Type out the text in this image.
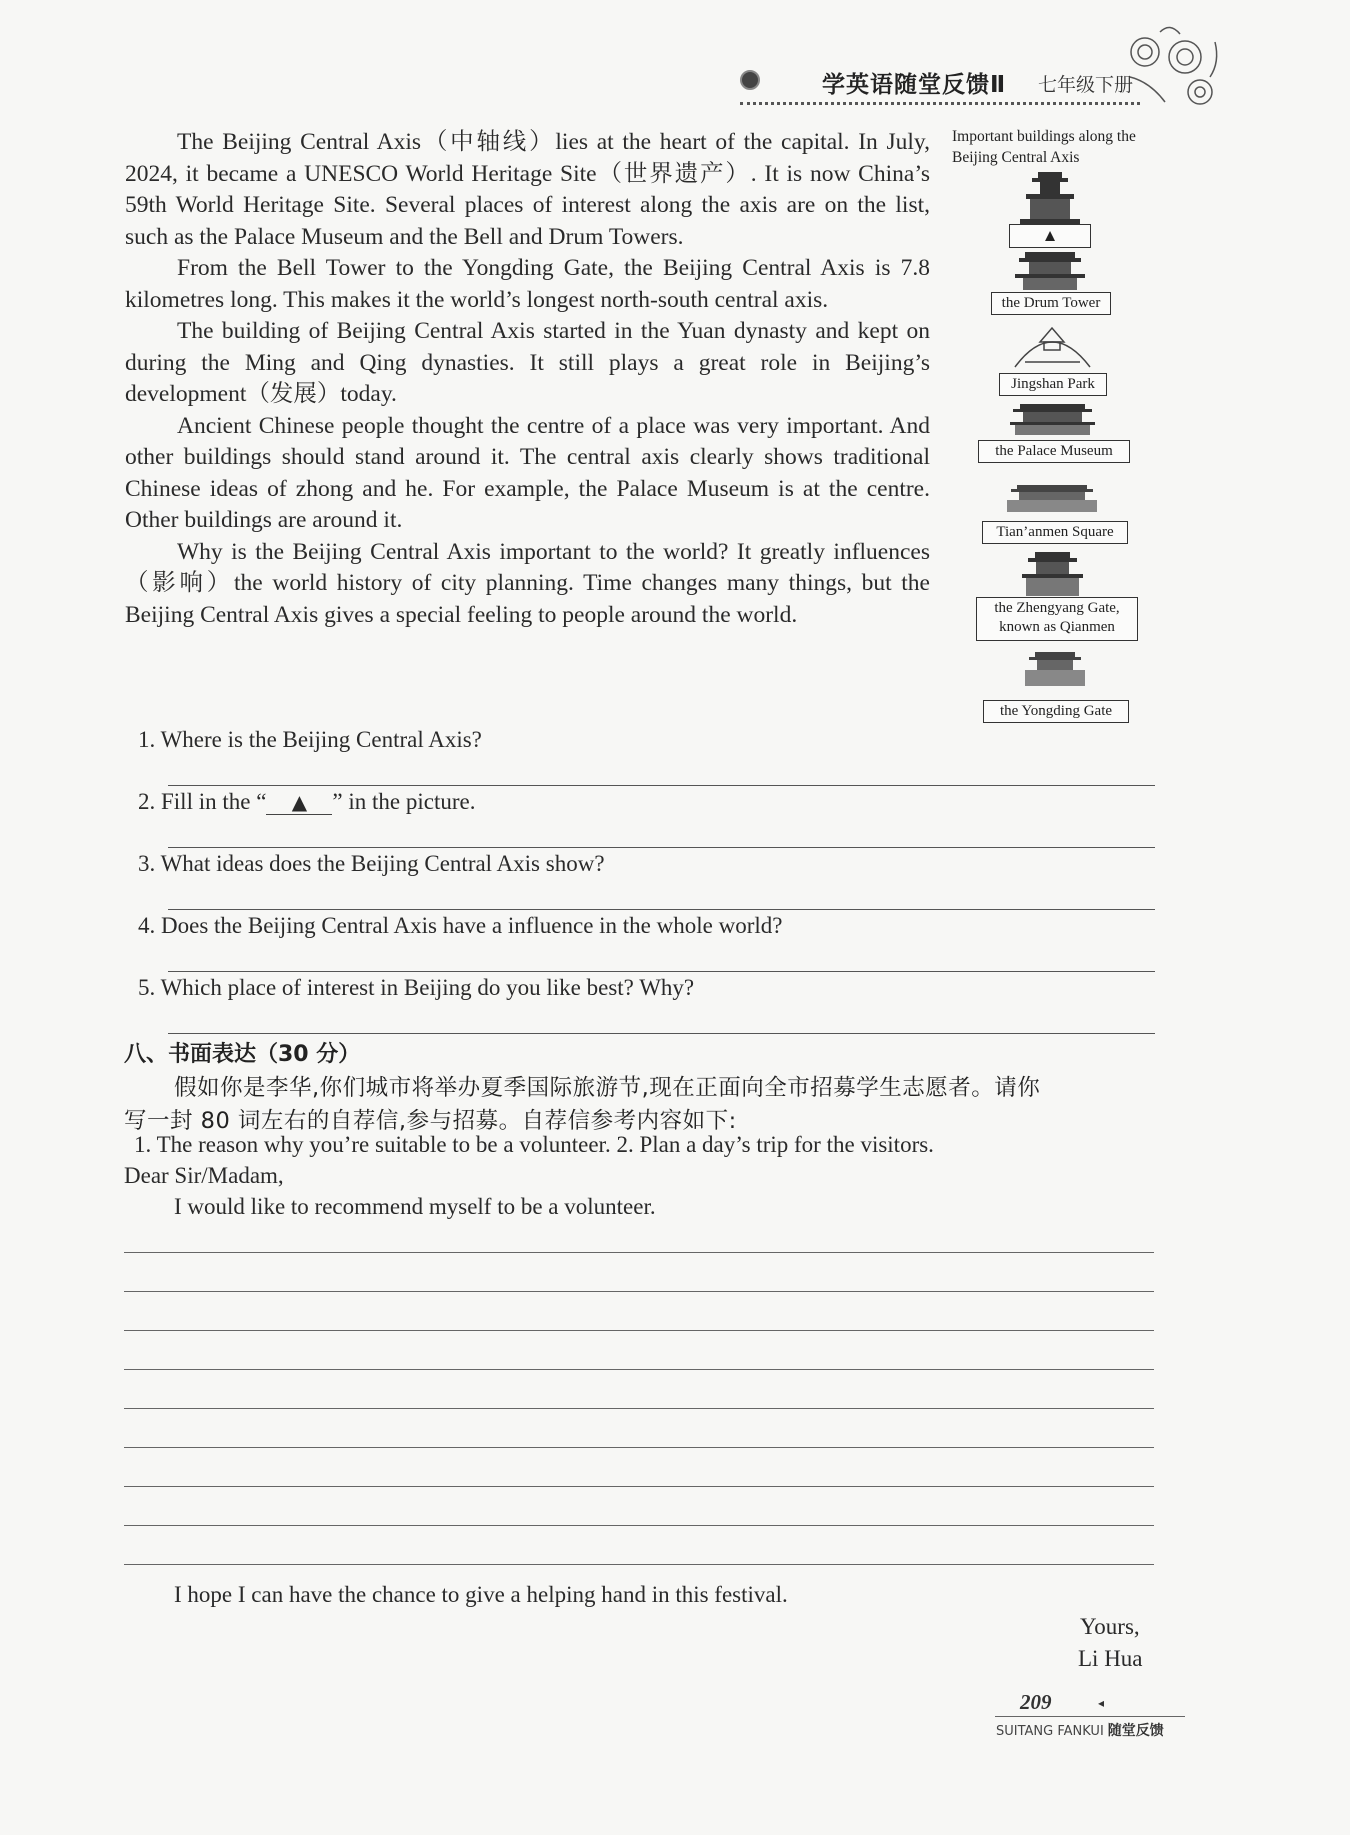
学英语随堂反馈Ⅱ 七年级下册

The Beijing Central Axis（中轴线）lies at the heart of the capital. In July, 2024, it became a UNESCO World Heritage Site（世界遗产）. It is now China’s 59th World Heritage Site. Several places of interest along the axis are on the list, such as the Palace Museum and the Bell and Drum Towers.

From the Bell Tower to the Yongding Gate, the Beijing Central Axis is 7.8 kilometres long. This makes it the world’s longest north-south central axis.

The building of Beijing Central Axis started in the Yuan dynasty and kept on during the Ming and Qing dynasties. It still plays a great role in Beijing’s development（发展）today.

Ancient Chinese people thought the centre of a place was very important. And other buildings should stand around it. The central axis clearly shows traditional Chinese ideas of zhong and he. For example, the Palace Museum is at the centre. Other buildings are around it.

Why is the Beijing Central Axis important to the world? It greatly influences（影响）the world history of city planning. Time changes many things, but the Beijing Central Axis gives a special feeling to people around the world.

Important buildings along the Beijing Central Axis
▲
the Drum Tower
Jingshan Park
the Palace Museum
Tian’anmen Square
the Zhengyang Gate,
known as Qianmen
the Yongding Gate
1. Where is the Beijing Central Axis?
2. Fill in the “ ▲ ” in the picture.
3. What ideas does the Beijing Central Axis show?
4. Does the Beijing Central Axis have a influence in the whole world?
5. Which place of interest in Beijing do you like best? Why?
八、书面表达（30 分）
假如你是李华,你们城市将举办夏季国际旅游节,现在正面向全市招募学生志愿者。请你
写一封 80 词左右的自荐信,参与招募。自荐信参考内容如下:
1. The reason why you’re suitable to be a volunteer. 2. Plan a day’s trip for the visitors.
Dear Sir/Madam,
I would like to recommend myself to be a volunteer.
I hope I can have the chance to give a helping hand in this festival.
Yours,
Li Hua
209	◂
SUITANG FANKUI 随堂反馈
